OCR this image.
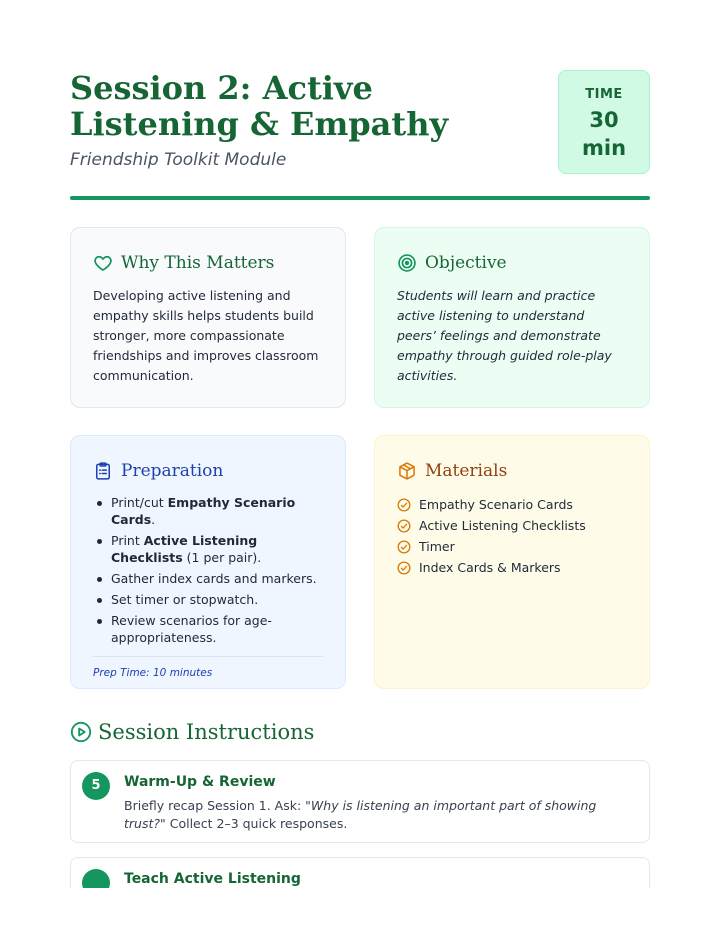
Session 2: Active Listening & Empathy
Friendship Toolkit Module
TIME
30
min
Why This Matters

Developing active listening and empathy skills helps students build stronger, more compassionate friendships and improves classroom communication.

Objective

Students will learn and practice active listening to understand peers’ feelings and demonstrate empathy through guided role-play activities.

Preparation
Print/cut Empathy Scenario Cards.
Print Active Listening Checklists (1 per pair).
Gather index cards and markers.
Set timer or stopwatch.
Review scenarios for age-appropriateness.
Prep Time: 10 minutes
Materials
Empathy Scenario Cards
Active Listening Checklists
Timer
Index Cards & Markers
Session Instructions
5	Warm-Up & Review
Briefly recap Session 1. Ask: "Why is listening an important part of showing trust?" Collect 2–3 quick responses.
Teach Active Listening
